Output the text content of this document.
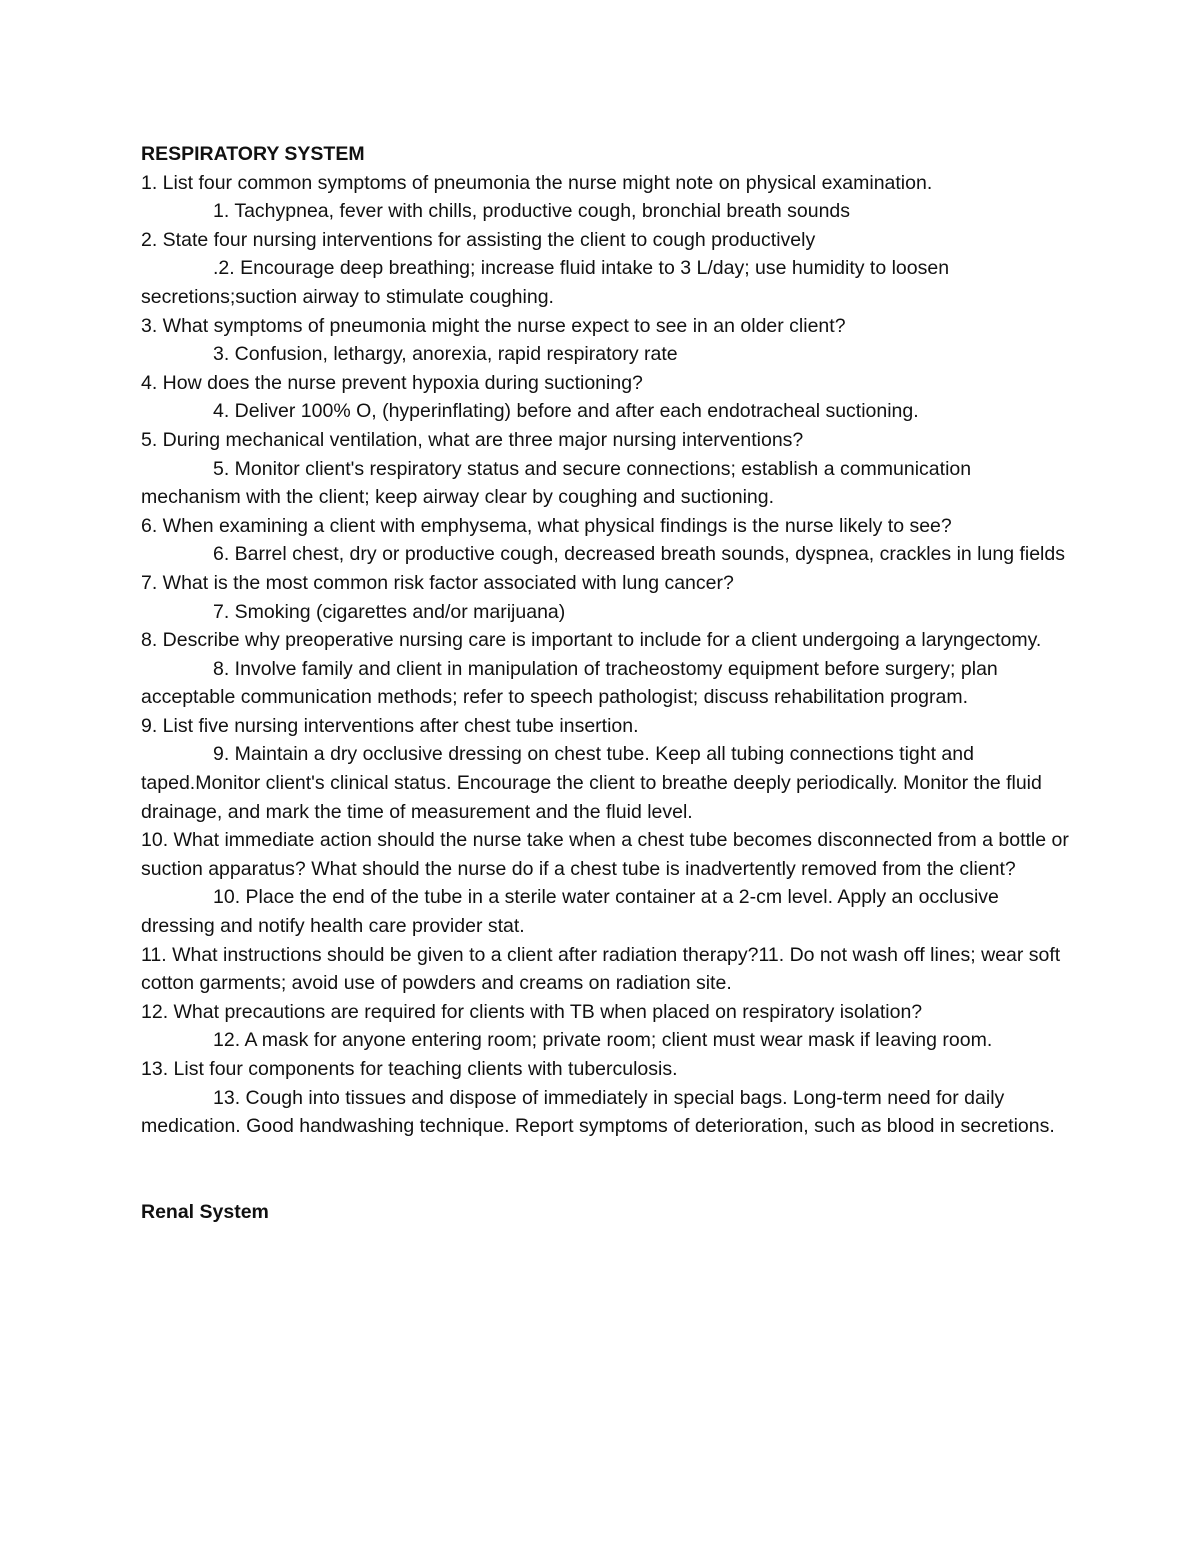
RESPIRATORY SYSTEM

1. List four common symptoms of pneumonia the nurse might note on physical examination.

1. Tachypnea, fever with chills, productive cough, bronchial breath sounds

2. State four nursing interventions for assisting the client to cough productively

.2. Encourage deep breathing; increase fluid intake to 3 L/day; use humidity to loosen secretions;suction airway to stimulate coughing.

3. What symptoms of pneumonia might the nurse expect to see in an older client?

3. Confusion, lethargy, anorexia, rapid respiratory rate

4. How does the nurse prevent hypoxia during suctioning?

4. Deliver 100% O, (hyperinflating) before and after each endotracheal suctioning.

5. During mechanical ventilation, what are three major nursing interventions?

5. Monitor client's respiratory status and secure connections; establish a communication mechanism with the client; keep airway clear by coughing and suctioning.

6. When examining a client with emphysema, what physical findings is the nurse likely to see?

6. Barrel chest, dry or productive cough, decreased breath sounds, dyspnea, crackles in lung fields

7. What is the most common risk factor associated with lung cancer?

7. Smoking (cigarettes and/or marijuana)

8. Describe why preoperative nursing care is important to include for a client undergoing a laryngectomy.

8. Involve family and client in manipulation of tracheostomy equipment before surgery; plan acceptable communication methods; refer to speech pathologist; discuss rehabilitation program.

9. List five nursing interventions after chest tube insertion.

9. Maintain a dry occlusive dressing on chest tube. Keep all tubing connections tight and taped.Monitor client's clinical status. Encourage the client to breathe deeply periodically. Monitor the fluid drainage, and mark the time of measurement and the fluid level.

10. What immediate action should the nurse take when a chest tube becomes disconnected from a bottle or suction apparatus? What should the nurse do if a chest tube is inadvertently removed from the client?

10. Place the end of the tube in a sterile water container at a 2-cm level. Apply an occlusive dressing and notify health care provider stat.

11. What instructions should be given to a client after radiation therapy?11. Do not wash off lines; wear soft cotton garments; avoid use of powders and creams on radiation site.

12. What precautions are required for clients with TB when placed on respiratory isolation?

12. A mask for anyone entering room; private room; client must wear mask if leaving room.

13. List four components for teaching clients with tuberculosis.

13. Cough into tissues and dispose of immediately in special bags. Long-term need for daily medication. Good handwashing technique. Report symptoms of deterioration, such as blood in secretions.

Renal System
